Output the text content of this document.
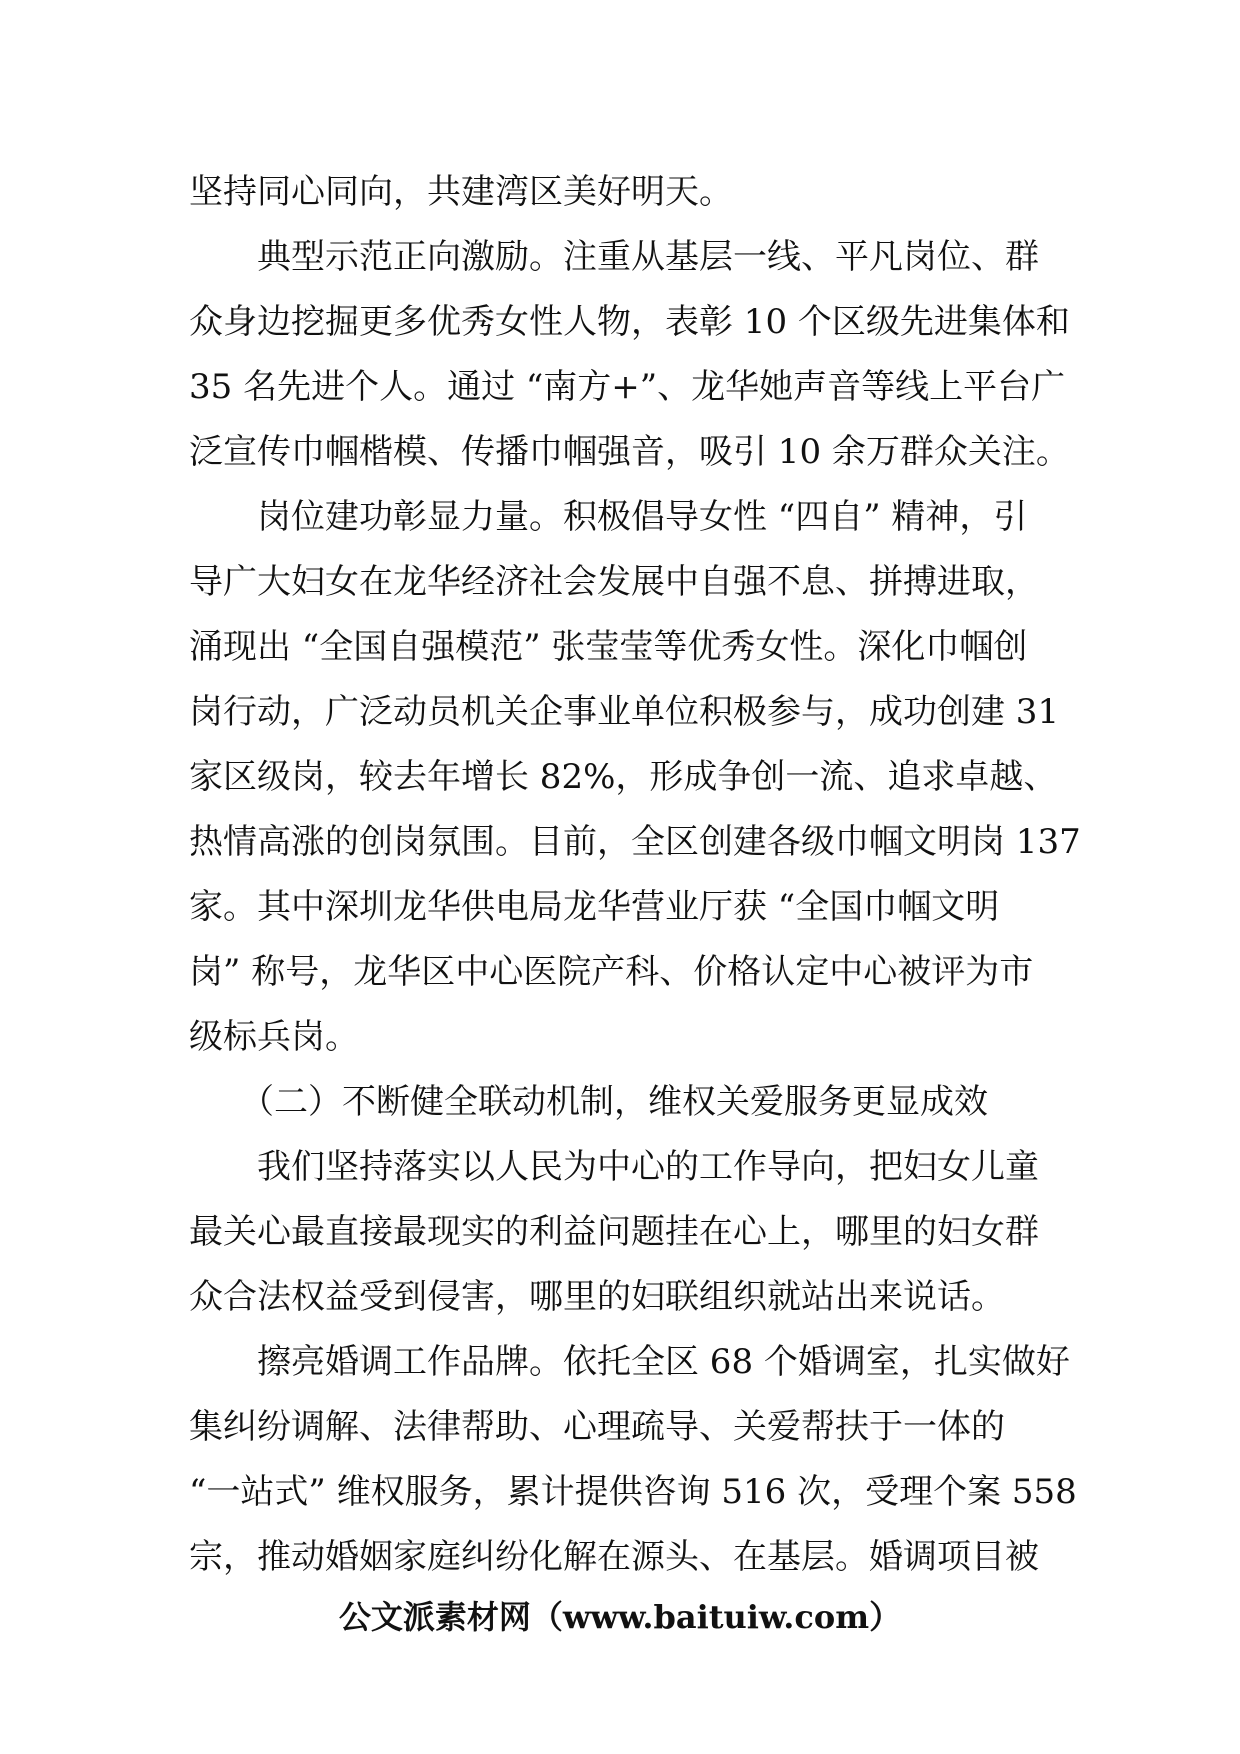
坚持同心同向，共建湾区美好明天。
　　典型示范正向激励。注重从基层一线、平凡岗位、群
众身边挖掘更多优秀女性人物，表彰 10 个区级先进集体和
35 名先进个人。通过 “南方+”、龙华她声音等线上平台广
泛宣传巾帼楷模、传播巾帼强音，吸引 10 余万群众关注。
　　岗位建功彰显力量。积极倡导女性 “四自” 精神，引
导广大妇女在龙华经济社会发展中自强不息、拼搏进取，
涌现出 “全国自强模范” 张莹莹等优秀女性。深化巾帼创
岗行动，广泛动员机关企事业单位积极参与，成功创建 31
家区级岗，较去年增长 82%，形成争创一流、追求卓越、
热情高涨的创岗氛围。目前，全区创建各级巾帼文明岗 137
家。其中深圳龙华供电局龙华营业厅获 “全国巾帼文明
岗” 称号，龙华区中心医院产科、价格认定中心被评为市
级标兵岗。
　　（二）不断健全联动机制，维权关爱服务更显成效
　　我们坚持落实以人民为中心的工作导向，把妇女儿童
最关心最直接最现实的利益问题挂在心上，哪里的妇女群
众合法权益受到侵害，哪里的妇联组织就站出来说话。
　　擦亮婚调工作品牌。依托全区 68 个婚调室，扎实做好
集纠纷调解、法律帮助、心理疏导、关爱帮扶于一体的
“一站式” 维权服务，累计提供咨询 516 次，受理个案 558
宗，推动婚姻家庭纠纷化解在源头、在基层。婚调项目被
公文派素材网（www.baituiw.com）
